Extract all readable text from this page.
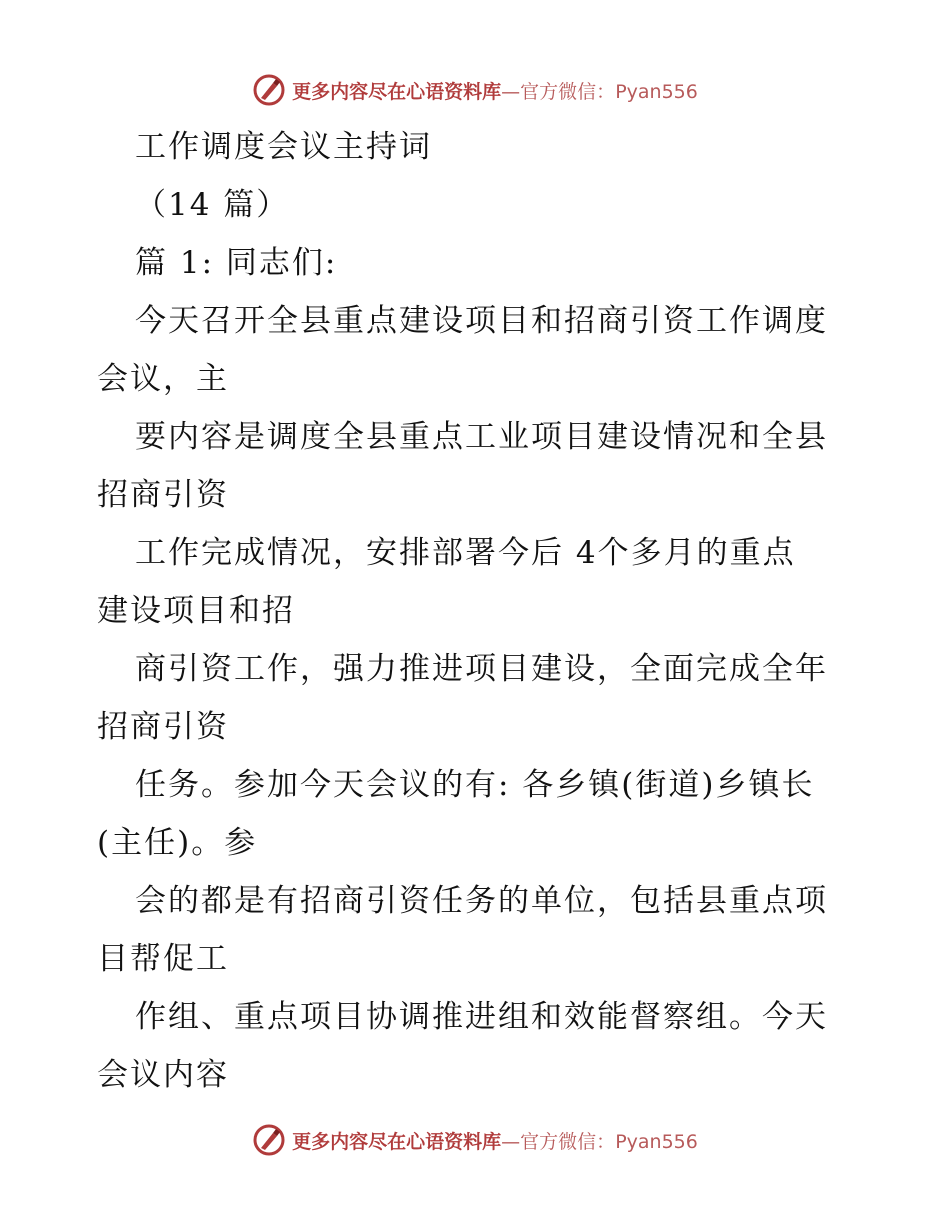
更多内容尽在心语资料库—官方微信：Pyan556
工作调度会议主持词
（14 篇）
篇 1: 同志们:
今天召开全县重点建设项目和招商引资工作调度
会议，主
要内容是调度全县重点工业项目建设情况和全县
招商引资
工作完成情况，安排部署今后 4个多月的重点
建设项目和招
商引资工作，强力推进项目建设，全面完成全年
招商引资
任务。参加今天会议的有: 各乡镇(街道)乡镇长
(主任)。参
会的都是有招商引资任务的单位，包括县重点项
目帮促工
作组、重点项目协调推进组和效能督察组。今天
会议内容
更多内容尽在心语资料库—官方微信：Pyan556
